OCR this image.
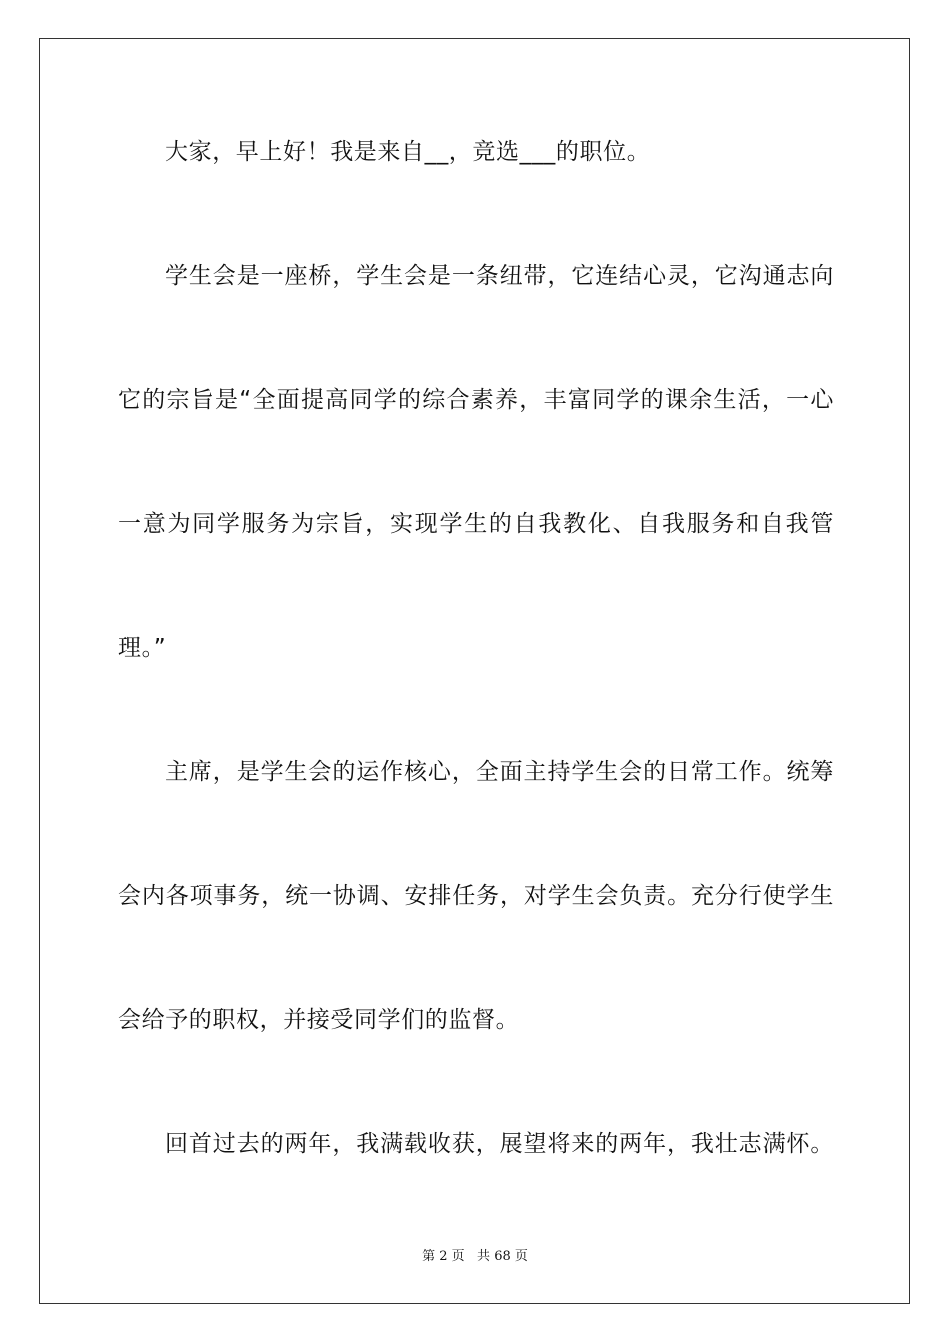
大家，早上好！我是来自__，竞选___的职位。
学生会是一座桥，学生会是一条纽带，它连结心灵，它沟通志向
它的宗旨是“全面提高同学的综合素养，丰富同学的课余生活，一心
一意为同学服务为宗旨，实现学生的自我教化、自我服务和自我管
理。”
主席，是学生会的运作核心，全面主持学生会的日常工作。统筹
会内各项事务，统一协调、安排任务，对学生会负责。充分行使学生
会给予的职权，并接受同学们的监督。
回首过去的两年，我满载收获，展望将来的两年，我壮志满怀。
第 2 页   共 68 页
